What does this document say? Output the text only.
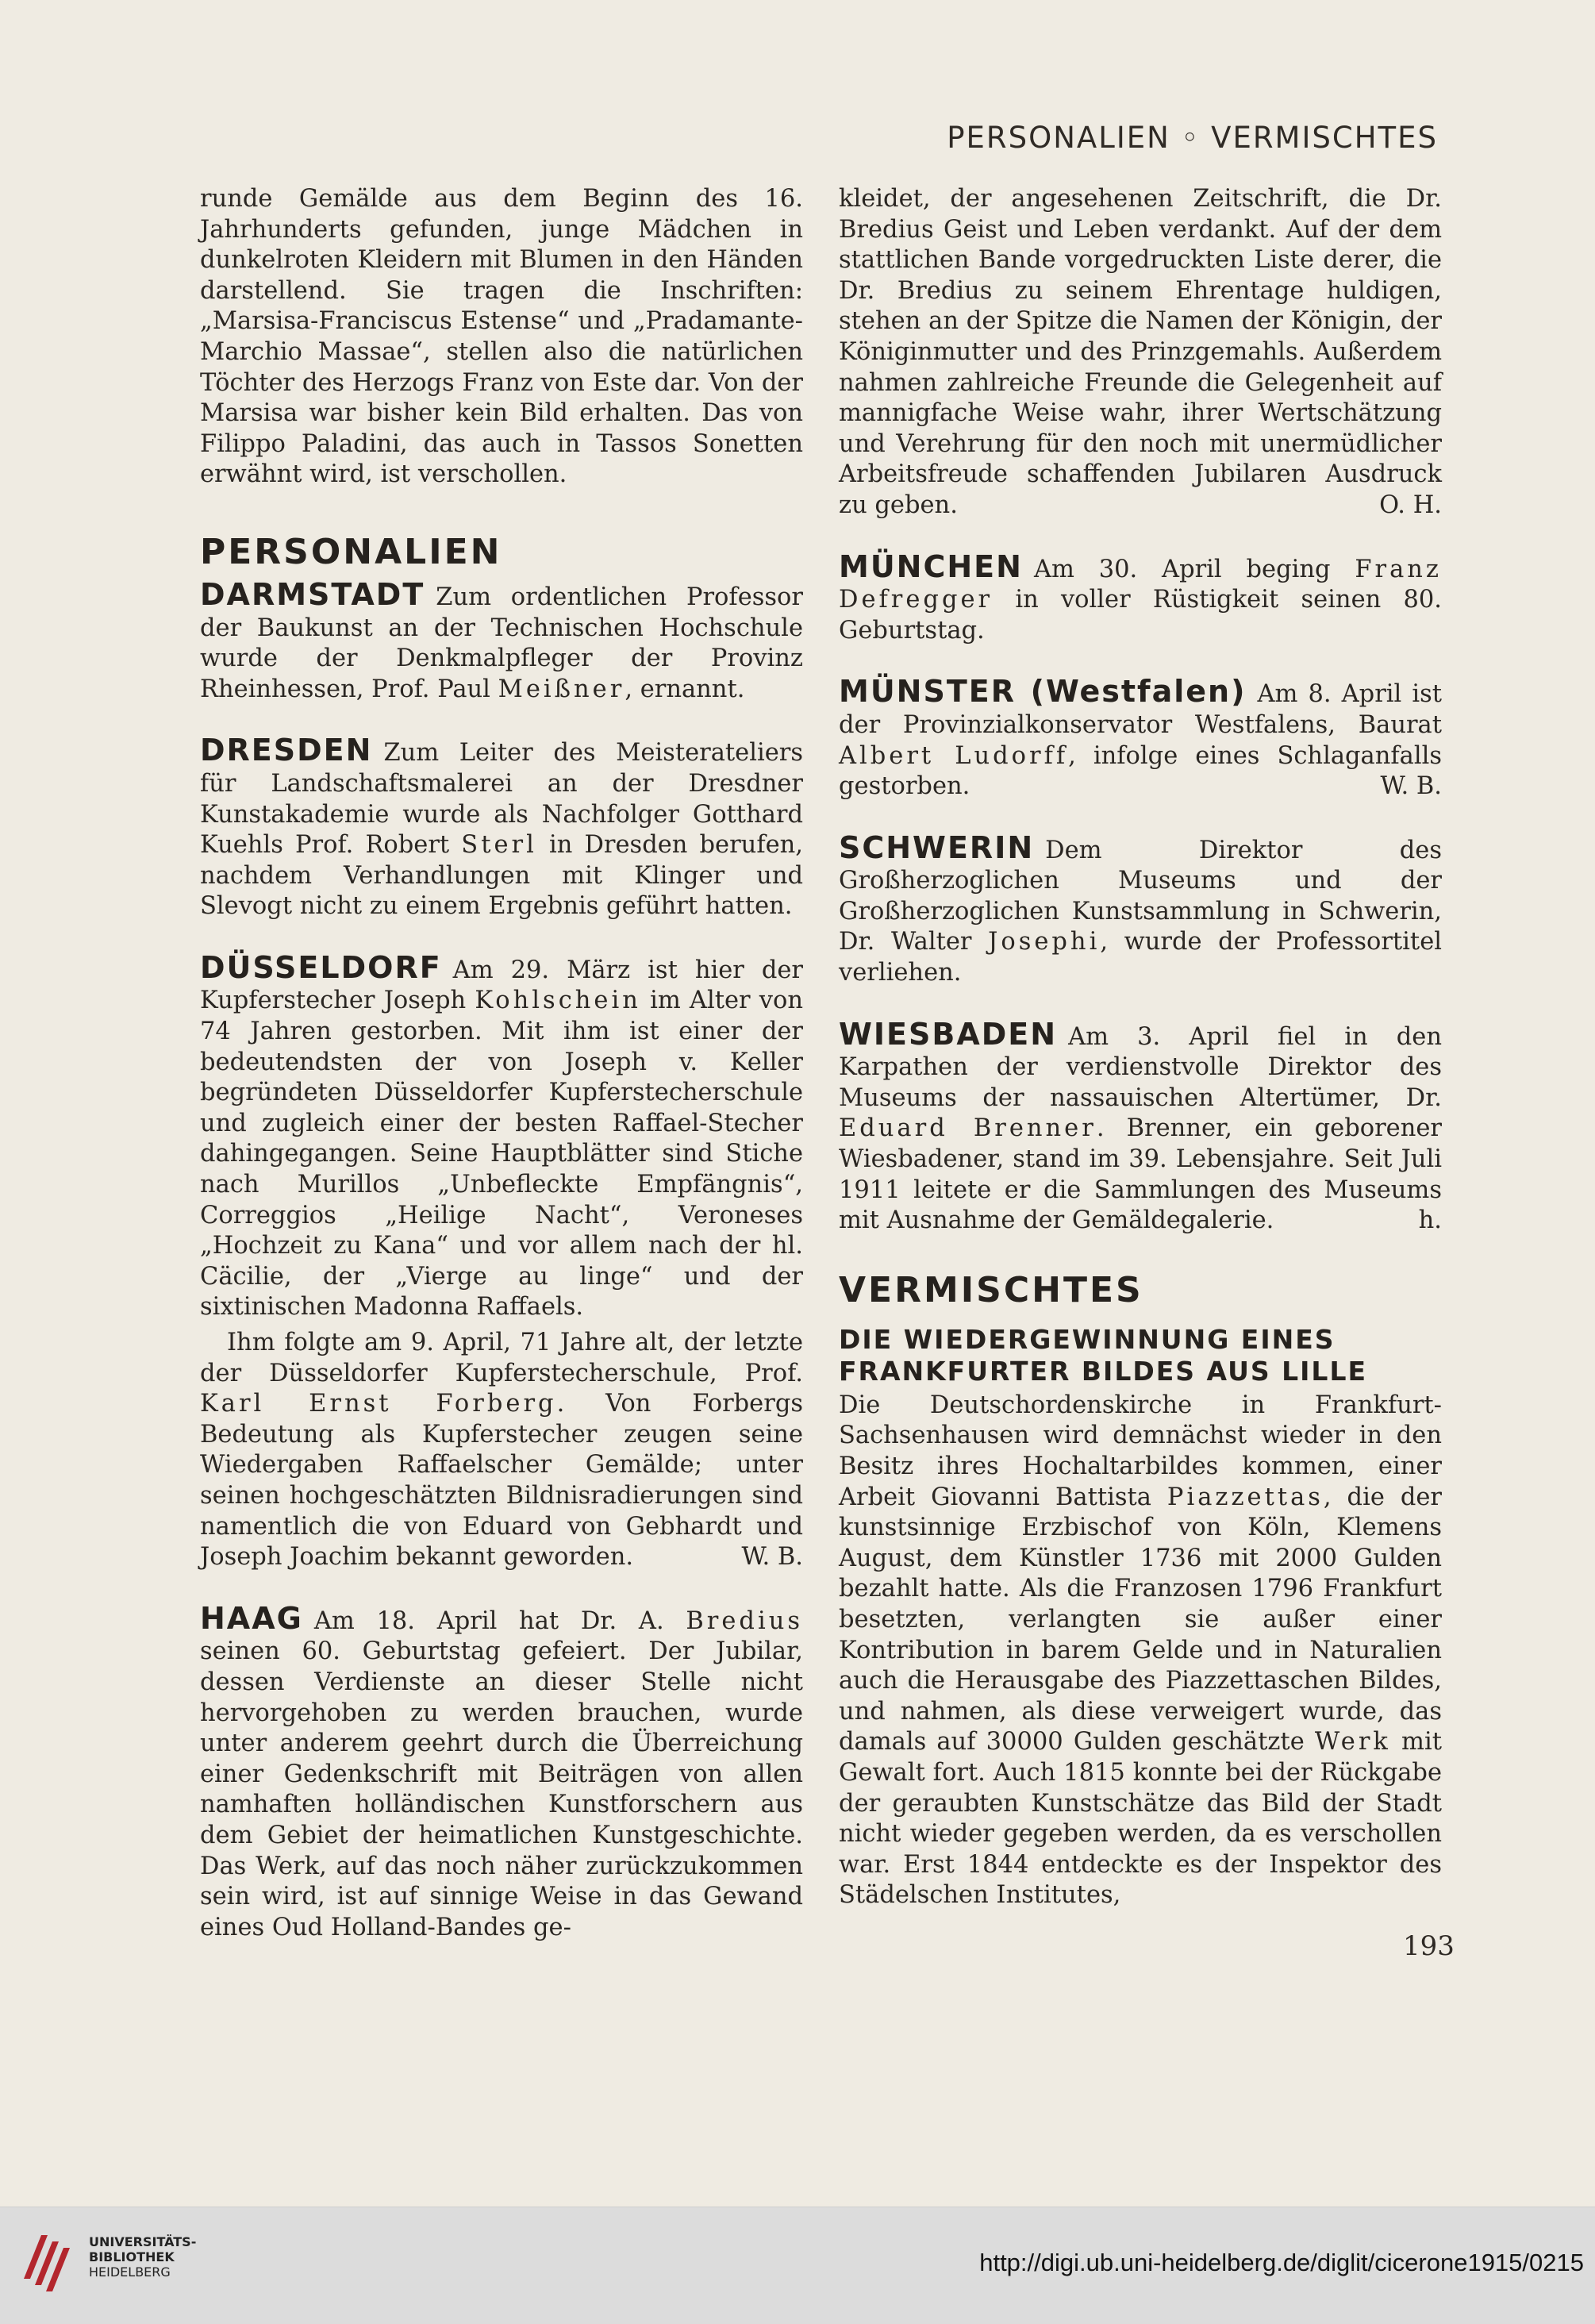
PERSONALIEN ◦ VERMISCHTES

runde Gemälde aus dem Beginn des 16. Jahrhunderts gefunden, junge Mädchen in dunkelroten Kleidern mit Blumen in den Händen darstellend. Sie tragen die Inschriften: „Marsisa-Franciscus Estense“ und „Pradamante-Marchio Massae“, stellen also die natürlichen Töchter des Herzogs Franz von Este dar. Von der Marsisa war bisher kein Bild erhalten. Das von Filippo Paladini, das auch in Tassos Sonetten erwähnt wird, ist verschollen.

PERSONALIEN

DARMSTADT Zum ordentlichen Professor der Baukunst an der Technischen Hochschule wurde der Denkmalpfleger der Provinz Rheinhessen, Prof. Paul Meißner, ernannt.

DRESDEN Zum Leiter des Meisterateliers für Landschaftsmalerei an der Dresdner Kunstakademie wurde als Nachfolger Gotthard Kuehls Prof. Robert Sterl in Dresden berufen, nachdem Verhandlungen mit Klinger und Slevogt nicht zu einem Ergebnis geführt hatten.

DÜSSELDORF Am 29. März ist hier der Kupferstecher Joseph Kohlschein im Alter von 74 Jahren gestorben. Mit ihm ist einer der bedeutendsten der von Joseph v. Keller begründeten Düsseldorfer Kupferstecherschule und zugleich einer der besten Raffael-Stecher dahingegangen. Seine Hauptblätter sind Stiche nach Murillos „Unbefleckte Empfängnis“, Correggios „Heilige Nacht“, Veroneses „Hochzeit zu Kana“ und vor allem nach der hl. Cäcilie, der „Vierge au linge“ und der sixtinischen Madonna Raffaels.

Ihm folgte am 9. April, 71 Jahre alt, der letzte der Düsseldorfer Kupferstecherschule, Prof. Karl Ernst Forberg. Von Forbergs Bedeutung als Kupferstecher zeugen seine Wiedergaben Raffaelscher Gemälde; unter seinen hochgeschätzten Bildnisradierungen sind namentlich die von Eduard von Gebhardt und Joseph Joachim bekannt geworden.	W. B.

HAAG Am 18. April hat Dr. A. Bredius seinen 60. Geburtstag gefeiert. Der Jubilar, dessen Verdienste an dieser Stelle nicht hervorgehoben zu werden brauchen, wurde unter anderem geehrt durch die Überreichung einer Gedenkschrift mit Beiträgen von allen namhaften holländischen Kunstforschern aus dem Gebiet der heimatlichen Kunstgeschichte. Das Werk, auf das noch näher zurückzukommen sein wird, ist auf sinnige Weise in das Gewand eines Oud Holland-Bandes ge-

kleidet, der angesehenen Zeitschrift, die Dr. Bredius Geist und Leben verdankt. Auf der dem stattlichen Bande vorgedruckten Liste derer, die Dr. Bredius zu seinem Ehrentage huldigen, stehen an der Spitze die Namen der Königin, der Königinmutter und des Prinzgemahls. Außerdem nahmen zahlreiche Freunde die Gelegenheit auf mannigfache Weise wahr, ihrer Wertschätzung und Verehrung für den noch mit unermüdlicher Arbeitsfreude schaffenden Jubilaren Ausdruck zu geben.	O. H.

MÜNCHEN Am 30. April beging Franz Defregger in voller Rüstigkeit seinen 80. Geburtstag.

MÜNSTER (Westfalen) Am 8. April ist der Provinzialkonservator Westfalens, Baurat Albert Ludorff, infolge eines Schlaganfalls gestorben.	W. B.

SCHWERIN Dem Direktor des Großherzoglichen Museums und der Großherzoglichen Kunstsammlung in Schwerin, Dr. Walter Josephi, wurde der Professortitel verliehen.

WIESBADEN Am 3. April fiel in den Karpathen der verdienstvolle Direktor des Museums der nassauischen Altertümer, Dr. Eduard Brenner. Brenner, ein geborener Wiesbadener, stand im 39. Lebensjahre. Seit Juli 1911 leitete er die Sammlungen des Museums mit Ausnahme der Gemäldegalerie.	h.

VERMISCHTES
DIE WIEDERGEWINNUNG EINES
FRANKFURTER BILDES AUS LILLE

Die Deutschordenskirche in Frankfurt-Sachsenhausen wird demnächst wieder in den Besitz ihres Hochaltarbildes kommen, einer Arbeit Giovanni Battista Piazzettas, die der kunstsinnige Erzbischof von Köln, Klemens August, dem Künstler 1736 mit 2000 Gulden bezahlt hatte. Als die Franzosen 1796 Frankfurt besetzten, verlangten sie außer einer Kontribution in barem Gelde und in Naturalien auch die Herausgabe des Piazzettaschen Bildes, und nahmen, als diese verweigert wurde, das damals auf 30000 Gulden geschätzte Werk mit Gewalt fort. Auch 1815 konnte bei der Rückgabe der geraubten Kunstschätze das Bild der Stadt nicht wieder gegeben werden, da es verschollen war. Erst 1844 entdeckte es der Inspektor des Städelschen Institutes,

193
UNIVERSITÄTS-
BIBLIOTHEK
HEIDELBERG	http://digi.ub.uni-heidelberg.de/diglit/cicerone1915/0215
